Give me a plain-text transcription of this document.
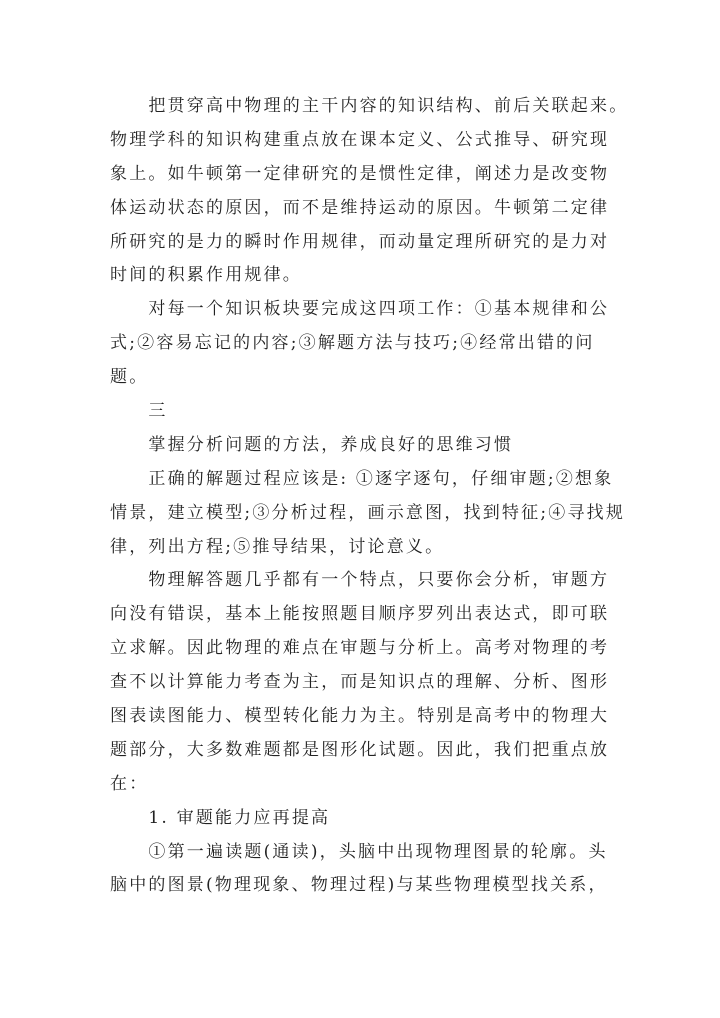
把贯穿高中物理的主干内容的知识结构、前后关联起来。
物理学科的知识构建重点放在课本定义、公式推导、研究现
象上。如牛顿第一定律研究的是惯性定律，阐述力是改变物
体运动状态的原因，而不是维持运动的原因。牛顿第二定律
所研究的是力的瞬时作用规律，而动量定理所研究的是力对
时间的积累作用规律。
对每一个知识板块要完成这四项工作：①基本规律和公
式;②容易忘记的内容;③解题方法与技巧;④经常出错的问
题。
三
掌握分析问题的方法，养成良好的思维习惯
正确的解题过程应该是: ①逐字逐句，仔细审题;②想象
情景，建立模型;③分析过程，画示意图，找到特征;④寻找规
律，列出方程;⑤推导结果，讨论意义。
物理解答题几乎都有一个特点，只要你会分析，审题方
向没有错误，基本上能按照题目顺序罗列出表达式，即可联
立求解。因此物理的难点在审题与分析上。高考对物理的考
查不以计算能力考查为主，而是知识点的理解、分析、图形
图表读图能力、模型转化能力为主。特别是高考中的物理大
题部分，大多数难题都是图形化试题。因此，我们把重点放
在：
1. 审题能力应再提高
①第一遍读题(通读)，头脑中出现物理图景的轮廓。头
脑中的图景(物理现象、物理过程)与某些物理模型找关系，
